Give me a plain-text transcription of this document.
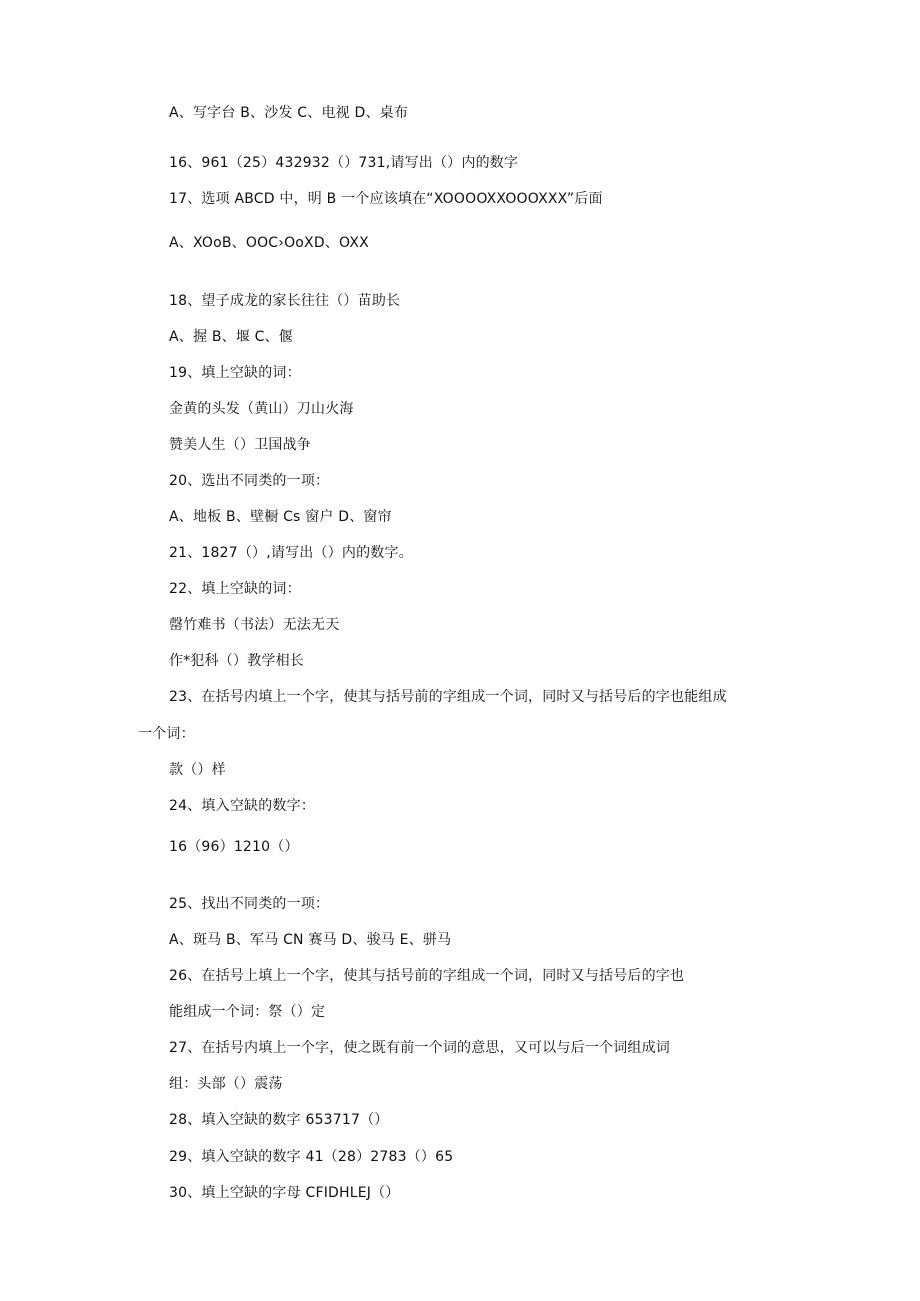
A、写字台 B、沙发 C、电视 D、桌布

16、961（25）432932（）731,请写出（）内的数字

17、选项 ABCD 中，明 B 一个应该填在“XOOOOXXOOOXXX”后面

A、XOoB、OOC›OoXD、OXX

18、望子成龙的家长往往（）苗助长

A、握 B、堰 C、偃

19、填上空缺的词：

金黄的头发（黄山）刀山火海

赞美人生（）卫国战争

20、选出不同类的一项：

A、地板 B、壁橱 Cs 窗户 D、窗帘

21、1827（）,请写出（）内的数字。

22、填上空缺的词：

罄竹难书（书法）无法无天

作*犯科（）教学相长

23、在括号内填上一个字，使其与括号前的字组成一个词，同时又与括号后的字也能组成

一个词：

款（）样

24、填入空缺的数字：

16（96）1210（）

25、找出不同类的一项：

A、斑马 B、军马 CN 赛马 D、骏马 E、骈马

26、在括号上填上一个字，使其与括号前的字组成一个词，同时又与括号后的字也

能组成一个词：祭（）定

27、在括号内填上一个字，使之既有前一个词的意思，又可以与后一个词组成词

组：头部（）震荡

28、填入空缺的数字 653717（）

29、填入空缺的数字 41（28）2783（）65

30、填上空缺的字母 CFIDHLEJ（）
